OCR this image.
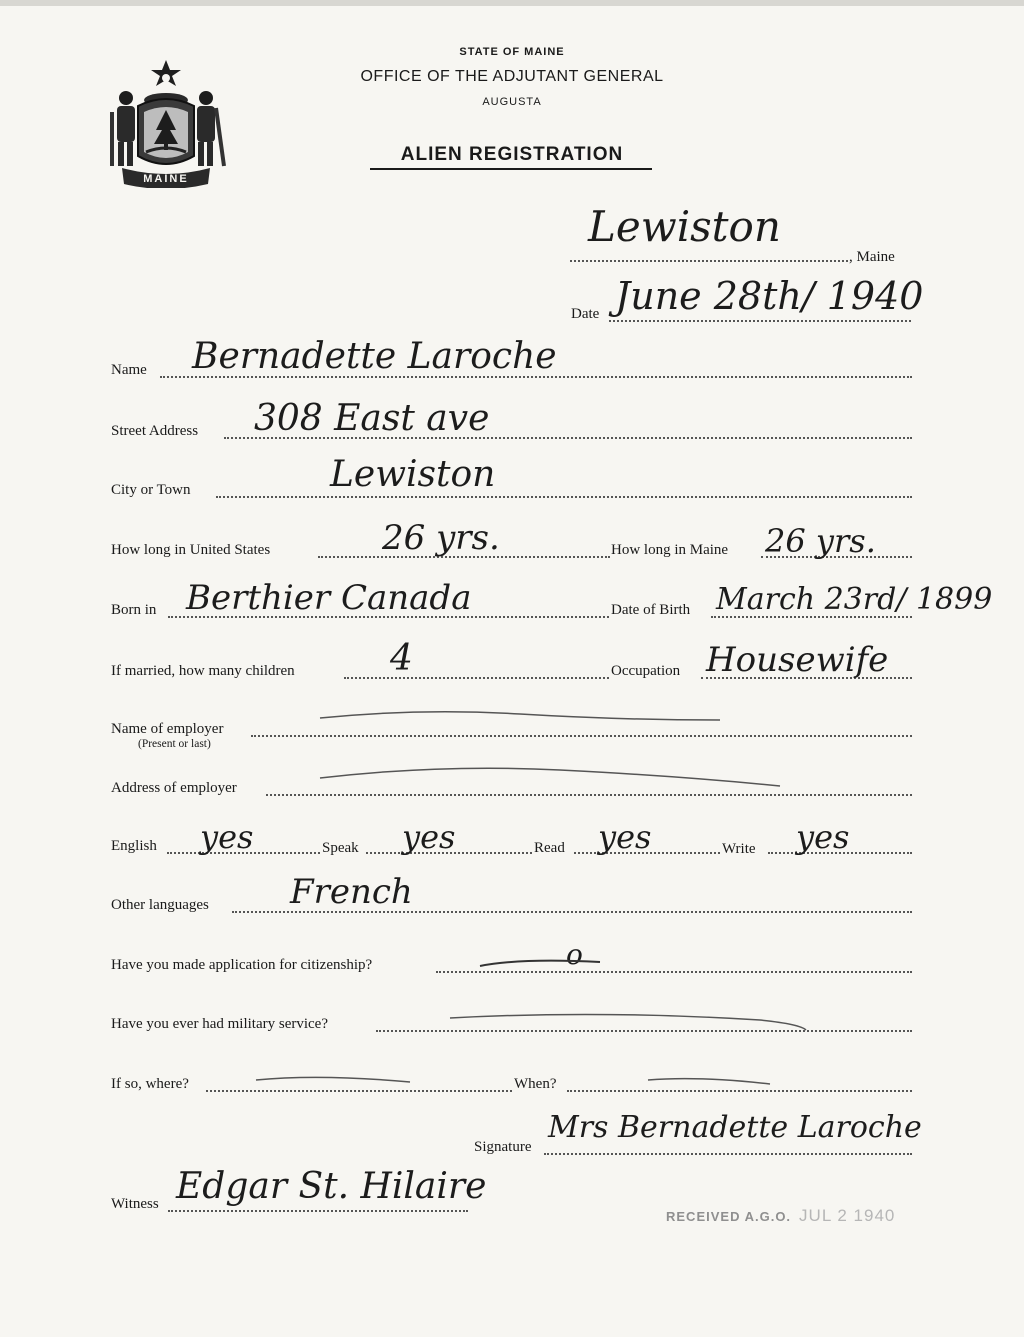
MAINE
STATE OF MAINE
OFFICE OF THE ADJUTANT GENERAL
AUGUSTA
ALIEN REGISTRATION
Lewiston
, Maine
Date June 28th/ 1940
Name Bernadette Laroche
Street Address 308 East ave
City or Town	Lewiston
How long in United States	26 yrs.	How long in Maine 26 yrs.
Born in Berthier Canada	Date of Birth March 23rd/ 1899
If married, how many children	4	Occupation Housewife
Name of employer
(Present or last)
Address of employer
English yes	Speak yes	Read yes	Write yes
Other languages French
Have you made application for citizenship?	o
Have you ever had military service?
If so, where?	When?
Signature
Mrs Bernadette Laroche
Witness Edgar St. Hilaire
RECEIVED A.G.O. JUL 2 1940
